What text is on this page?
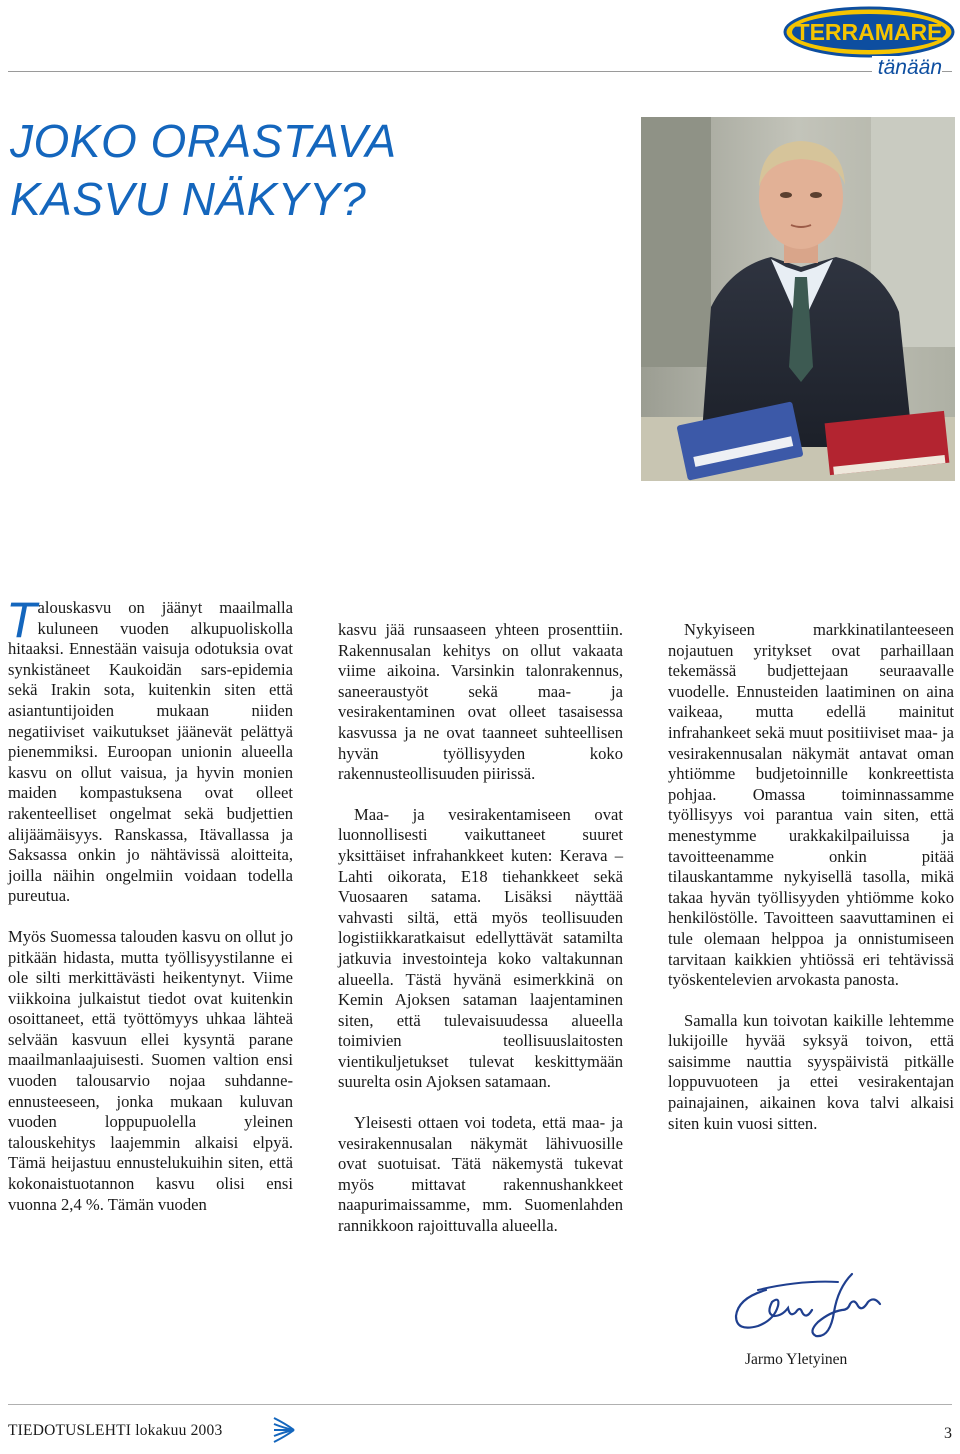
TERRAMARE
tänään
JOKO ORASTAVA
KASVU NÄKYY?

Talouskasvu on jäänyt maailmalla kuluneen vuoden alkupuoliskolla hitaaksi. Ennestään vaisuja odotuksia ovat synkistäneet Kaukoidän sars-epidemia sekä Irakin sota, kuitenkin siten että asiantuntijoiden mukaan niiden negatiiviset vaikutukset jäänevät pelättyä pienemmiksi. Euroopan unionin alueella kasvu on ollut vaisua, ja hyvin monien maiden kompastuksena ovat olleet rakenteelliset ongelmat sekä budjettien alijäämäisyys. Ranskassa, Itävallassa ja Saksassa onkin jo nähtävissä aloitteita, joilla näihin ongelmiin voidaan todella pureutua.

Myös Suomessa talouden kasvu on ollut jo pitkään hidasta, mutta työllisyystilanne ei ole silti merkittävästi heikentynyt. Viime viikkoina julkaistut tiedot ovat kuitenkin osoittaneet, että työttömyys uhkaa lähteä selvään kasvuun ellei kysyntä parane maailmanlaajuisesti. Suomen valtion ensi vuoden talousarvio nojaa suhdanne-ennusteeseen, jonka mukaan kuluvan vuoden loppupuolella yleinen talouskehitys laajemmin alkaisi elpyä. Tämä heijastuu ennustelukuihin siten, että kokonaistuotannon kasvu olisi ensi vuonna 2,4 %. Tämän vuoden

kasvu jää runsaaseen yhteen prosenttiin. Rakennusalan kehitys on ollut vakaata viime aikoina. Varsinkin talonrakennus, saneeraustyöt sekä maa- ja vesirakentaminen ovat olleet tasaisessa kasvussa ja ne ovat taanneet suhteellisen hyvän työllisyyden koko rakennusteollisuuden piirissä.

Maa- ja vesirakentamiseen ovat luonnollisesti vaikuttaneet suuret yksittäiset infrahankkeet kuten: Kerava – Lahti oikorata, E18 tiehankkeet sekä Vuosaaren satama. Lisäksi näyttää vahvasti siltä, että myös teollisuuden logistiikkaratkaisut edellyttävät satamilta jatkuvia investointeja koko valtakunnan alueella. Tästä hyvänä esimerkkinä on Kemin Ajoksen sataman laajentaminen siten, että tulevaisuudessa alueella toimivien teollisuuslaitosten vientikuljetukset tulevat keskittymään suurelta osin Ajoksen satamaan.

Yleisesti ottaen voi todeta, että maa- ja vesirakennusalan näkymät lähivuosille ovat suotuisat. Tätä näkemystä tukevat myös mittavat rakennushankkeet naapurimaissamme, mm. Suomenlahden rannikkoon rajoittuvalla alueella.

Nykyiseen markkinatilanteeseen nojautuen yritykset ovat parhaillaan tekemässä budjettejaan seuraavalle vuodelle. Ennusteiden laatiminen on aina vaikeaa, mutta edellä mainitut infrahankeet sekä muut positiiviset maa- ja vesirakennusalan näkymät antavat oman yhtiömme budjetoinnille konkreettista pohjaa. Omassa toiminnassamme työllisyys voi parantua vain siten, että menestymme urakkakilpailuissa ja tavoitteenamme onkin pitää tilauskantamme nykyisellä tasolla, mikä takaa hyvän työllisyyden yhtiömme koko henkilöstölle. Tavoitteen saavuttaminen ei tule olemaan helppoa ja onnistumiseen tarvitaan kaikkien yhtiössä eri tehtävissä työskentelevien arvokasta panosta.

Samalla kun toivotan kaikille lehtemme lukijoille hyvää syksyä toivon, että saisimme nauttia syyspäivistä pitkälle loppuvuoteen ja ettei vesirakentajan painajainen, aikainen kova talvi alkaisi siten kuin vuosi sitten.

Jarmo Yletyinen
TIEDOTUSLEHTI lokakuu 2003	3
